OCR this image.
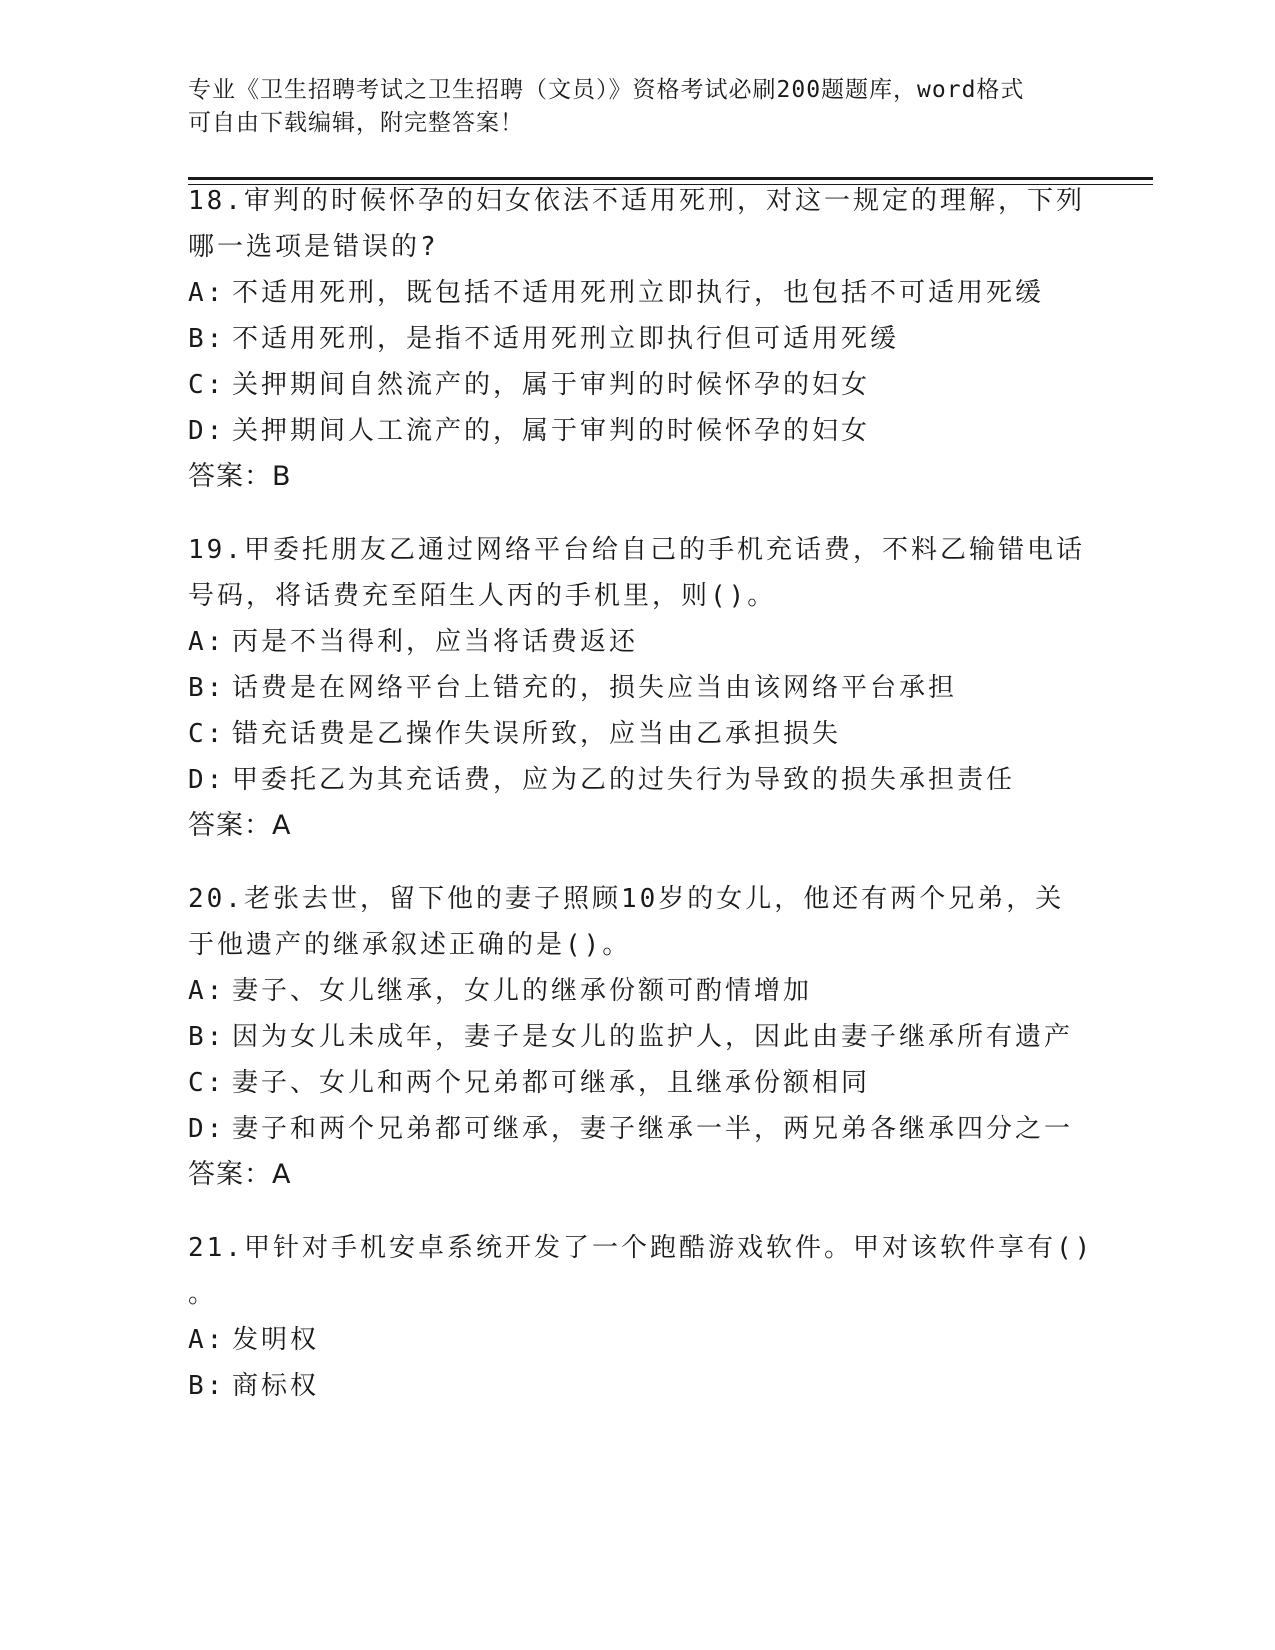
专业《卫生招聘考试之卫生招聘（文员）》资格考试必刷200题题库，word格式
可自由下载编辑，附完整答案！
18.审判的时候怀孕的妇女依法不适用死刑，对这一规定的理解，下列
哪一选项是错误的?
A: 不适用死刑，既包括不适用死刑立即执行，也包括不可适用死缓
B: 不适用死刑，是指不适用死刑立即执行但可适用死缓
C: 关押期间自然流产的，属于审判的时候怀孕的妇女
D: 关押期间人工流产的，属于审判的时候怀孕的妇女
答案：B
19.甲委托朋友乙通过网络平台给自己的手机充话费，不料乙输错电话
号码，将话费充至陌生人丙的手机里，则()。
A: 丙是不当得利，应当将话费返还
B: 话费是在网络平台上错充的，损失应当由该网络平台承担
C: 错充话费是乙操作失误所致，应当由乙承担损失
D: 甲委托乙为其充话费，应为乙的过失行为导致的损失承担责任
答案：A
20.老张去世，留下他的妻子照顾10岁的女儿，他还有两个兄弟，关
于他遗产的继承叙述正确的是()。
A: 妻子、女儿继承，女儿的继承份额可酌情增加
B: 因为女儿未成年，妻子是女儿的监护人，因此由妻子继承所有遗产
C: 妻子、女儿和两个兄弟都可继承，且继承份额相同
D: 妻子和两个兄弟都可继承，妻子继承一半，两兄弟各继承四分之一
答案：A
21.甲针对手机安卓系统开发了一个跑酷游戏软件。甲对该软件享有()
。
A: 发明权
B: 商标权
